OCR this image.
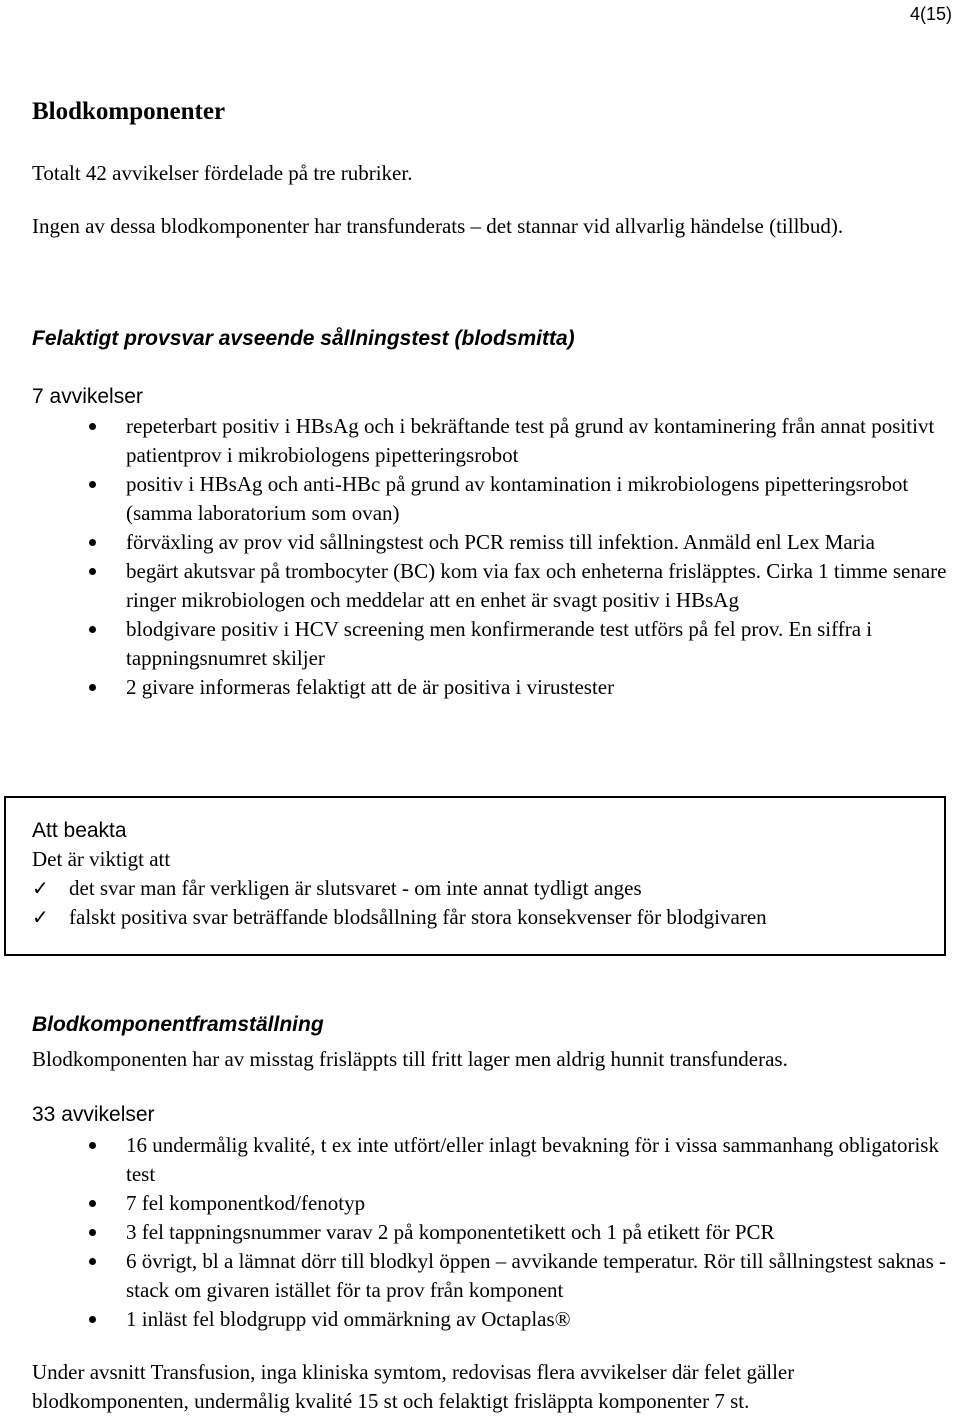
4(15)
Blodkomponenter
Totalt 42 avvikelser fördelade på tre rubriker.
Ingen av dessa blodkomponenter har transfunderats – det stannar vid allvarlig händelse (tillbud).
Felaktigt provsvar avseende sållningstest (blodsmitta)
7 avvikelser
repeterbart positiv i HBsAg och i bekräftande test på grund av kontaminering från annat positivt patientprov i mikrobiologens pipetteringsrobot
positiv i HBsAg och anti-HBc på grund av kontamination i mikrobiologens pipetteringsrobot (samma laboratorium som ovan)
förväxling av prov vid sållningstest och PCR remiss till infektion. Anmäld enl Lex Maria
begärt akutsvar på trombocyter (BC) kom via fax och enheterna frisläpptes. Cirka 1 timme senare ringer mikrobiologen och meddelar att en enhet är svagt positiv i HBsAg
blodgivare positiv i HCV screening men konfirmerande test utförs på fel prov. En siffra i tappningsnumret skiljer
2 givare informeras felaktigt att de är positiva i virustester
Att beakta
Det är viktigt att
✓ det svar man får verkligen är slutsvaret - om inte annat tydligt anges
✓ falskt positiva svar beträffande blodsållning får stora konsekvenser för blodgivaren
Blodkomponentframställning
Blodkomponenten har av misstag frisläppts till fritt lager men aldrig hunnit transfunderas.
33 avvikelser
16 undermålig kvalité, t ex inte utfört/eller inlagt bevakning för i vissa sammanhang obligatorisk test
7 fel komponentkod/fenotyp
3 fel tappningsnummer varav 2 på komponentetikett och 1 på etikett för PCR
6 övrigt, bl a lämnat dörr till blodkyl öppen – avvikande temperatur. Rör till sållningstest saknas - stack om givaren istället för ta prov från komponent
1 inläst fel blodgrupp vid ommärkning av Octaplas®
Under avsnitt Transfusion, inga kliniska symtom, redovisas flera avvikelser där felet gäller blodkomponenten, undermålig kvalité 15 st och felaktigt frisläppta komponenter 7 st.
